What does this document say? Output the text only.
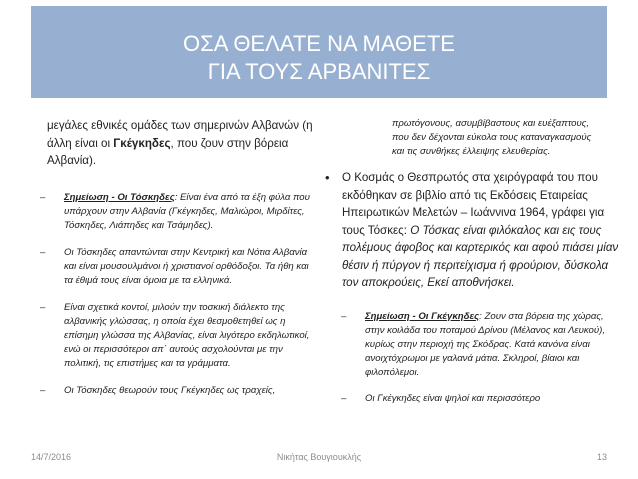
ΟΣΑ ΘΕΛΑΤΕ ΝΑ ΜΑΘΕΤΕ
ΓΙΑ ΤΟΥΣ ΑΡΒΑΝΙΤΕΣ

μεγάλες εθνικές ομάδες των σημερινών Αλβανών (η άλλη είναι οι Γκέγκηδες, που ζουν στην βόρεια Αλβανία).

– Σημείωση - Οι Τόσκηδες: Είναι ένα από τα έξη φύλα που υπάρχουν στην Αλβανία (Γκέγκηδες, Μαλιώρoι, Μιρδίτες, Τόσκηδες, Λιάπηδες και Τσάμηδες).
– Οι Τόσκηδες απαντώνται στην Κεντρική και Νότια Αλβανία και είναι μουσουλμάνοι ή χριστιανοί ορθόδοξοι. Τα ήθη και τα έθιμά τους είναι όμοια με τα ελληνικά.
– Είναι σχετικά κοντοί, μιλούν την τοσκική διάλεκτο της αλβανικής γλώσσας, η οποία έχει θεσμοθετηθεί ως η επίσημη γλώσσα της Αλβανίας, είναι λιγότερο εκδηλωτικοί, ενώ οι περισσότεροι απ΄ αυτούς ασχολούνται με την πολιτική, τις επιστήμες και τα γράμματα.
– Οι Τόσκηδες θεωρούν τους Γκέγκηδες ως τραχείς,
πρωτόγονους, ασυμβίβαστους και ευέξαπτους, που δεν δέχονται εύκολα τους καταναγκασμούς και τις συνθήκες έλλειψης ελευθερίας.
• Ο Κοσμάς ο Θεσπρωτός στα χειρόγραφά του που εκδόθηκαν σε βιβλίο από τις Εκδόσεις Εταιρείας Ηπειρωτικών Μελετών – Ιωάννινα 1964, γράφει για τους Τόσκες: Ο Τόσκας είναι φιλόκαλος και εις τους πολέμους άφοβος και καρτερικός και αφού πιάσει μίαν θέσιν ή πύργον ή περιτείχισμα ή φρούριον, δύσκολα τον αποκρούεις, Εκεί αποθνήσκει.
– Σημείωση - Οι Γκέγκηδες: Ζουν στα βόρεια της χώρας, στην κοιλάδα του ποταμού Δρίνου (Μέλανος και Λευκού), κυρίως στην περιοχή της Σκόδρας. Κατά κανόνα είναι ανοιχτόχρωμοι με γαλανά μάτια. Σκληροί, βίαιοι και φιλοπόλεμοι.
– Οι Γκέγκηδες είναι ψηλοί και περισσότερο
14/7/2016	Νικήτας Βουγιουκλής	13
